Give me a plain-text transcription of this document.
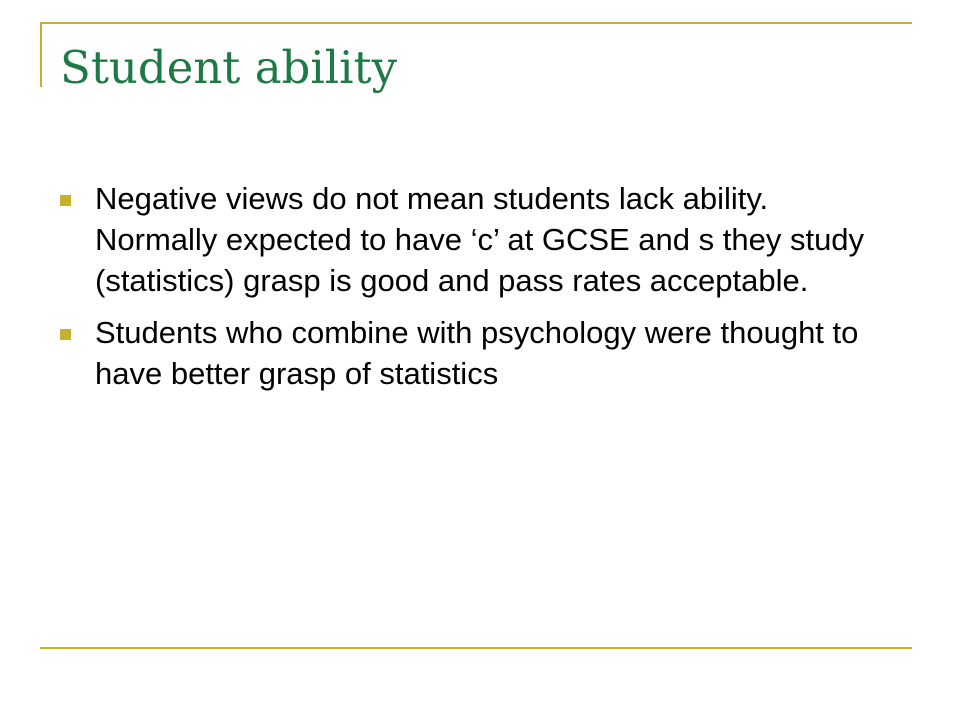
Student ability
Negative views do not mean students lack ability. Normally expected to have ‘c’ at GCSE and s they study (statistics) grasp is good and pass rates acceptable.
Students who combine with psychology were thought to have better grasp of statistics
